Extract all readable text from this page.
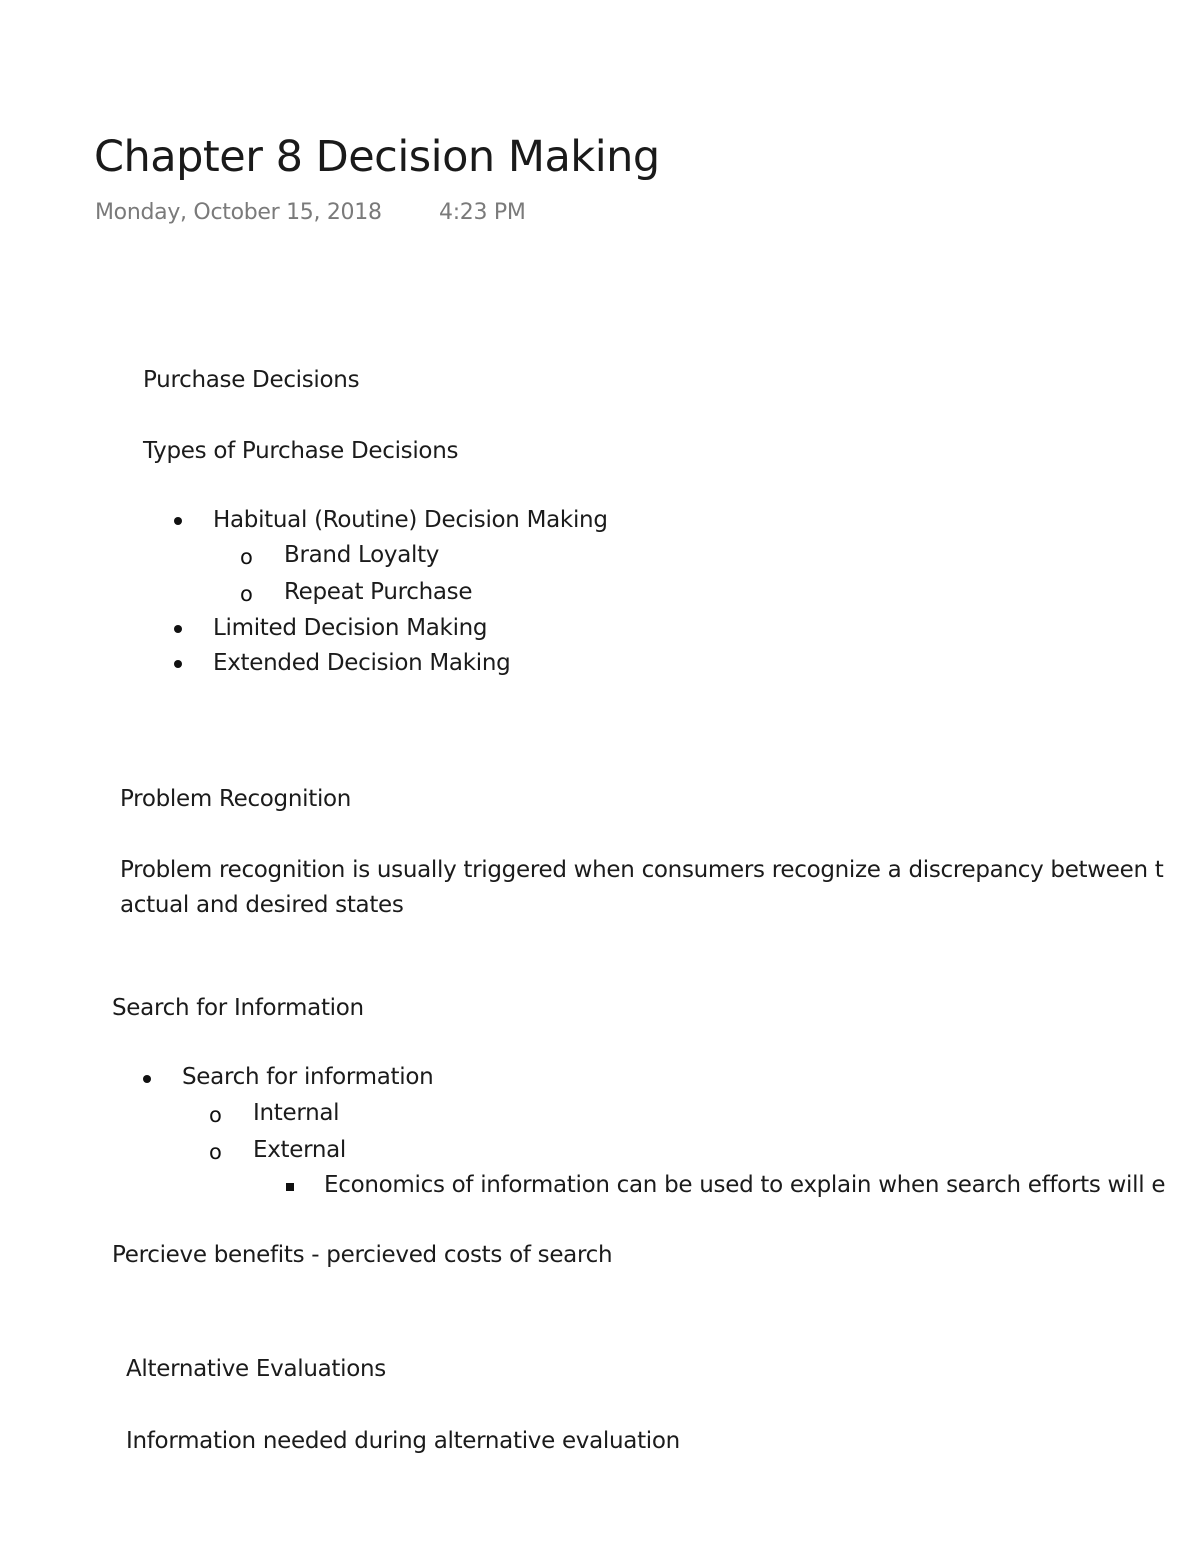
Chapter 8 Decision Making
Monday, October 15, 2018	4:23 PM
Purchase Decisions
Types of Purchase Decisions
Habitual (Routine) Decision Making
o Brand Loyalty
o Repeat Purchase
Limited Decision Making
Extended Decision Making
Problem Recognition
Problem recognition is usually triggered when consumers recognize a discrepancy between t
actual and desired states
Search for Information
Search for information
o Internal
o External
Economics of information can be used to explain when search efforts will e
Percieve benefits - percieved costs of search
Alternative Evaluations
Information needed during alternative evaluation
